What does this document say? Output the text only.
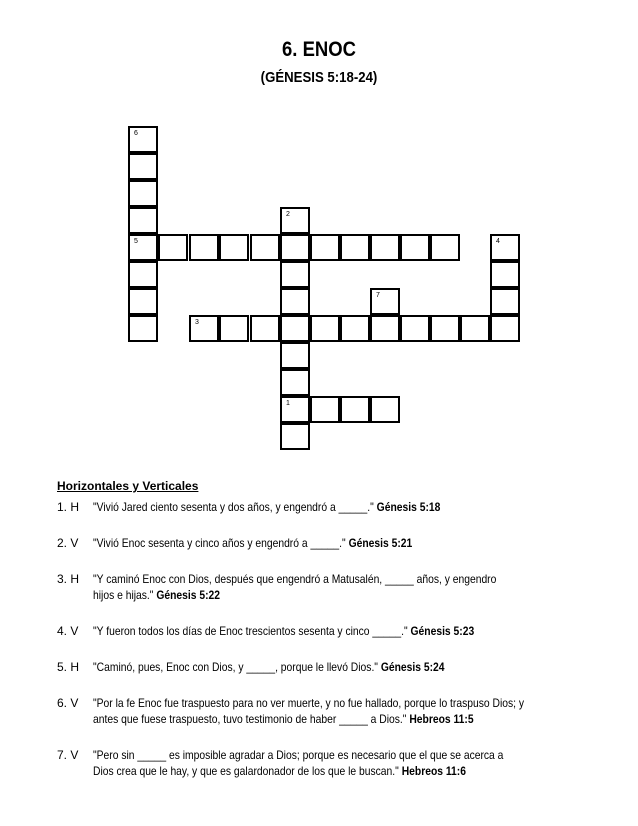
6. ENOC
(GÉNESIS 5:18-24)
6
2
5	4
7
3
1
Horizontales y Verticales
1. H	"Vivió Jared ciento sesenta y dos años, y engendró a _____." Génesis 5:18
2. V	"Vivió Enoc sesenta y cinco años y engendró a _____." Génesis 5:21
3. H	"Y caminó Enoc con Dios, después que engendró a Matusalén, _____ años, y engendro
hijos e hijas." Génesis 5:22
4. V	"Y fueron todos los días de Enoc trescientos sesenta y cinco _____." Génesis 5:23
5. H	"Caminó, pues, Enoc con Dios, y _____, porque le llevó Dios." Génesis 5:24
6. V	"Por la fe Enoc fue traspuesto para no ver muerte, y no fue hallado, porque lo traspuso Dios; y
antes que fuese traspuesto, tuvo testimonio de haber _____ a Dios." Hebreos 11:5
7. V	"Pero sin _____ es imposible agradar a Dios; porque es necesario que el que se acerca a
Dios crea que le hay, y que es galardonador de los que le buscan." Hebreos 11:6
